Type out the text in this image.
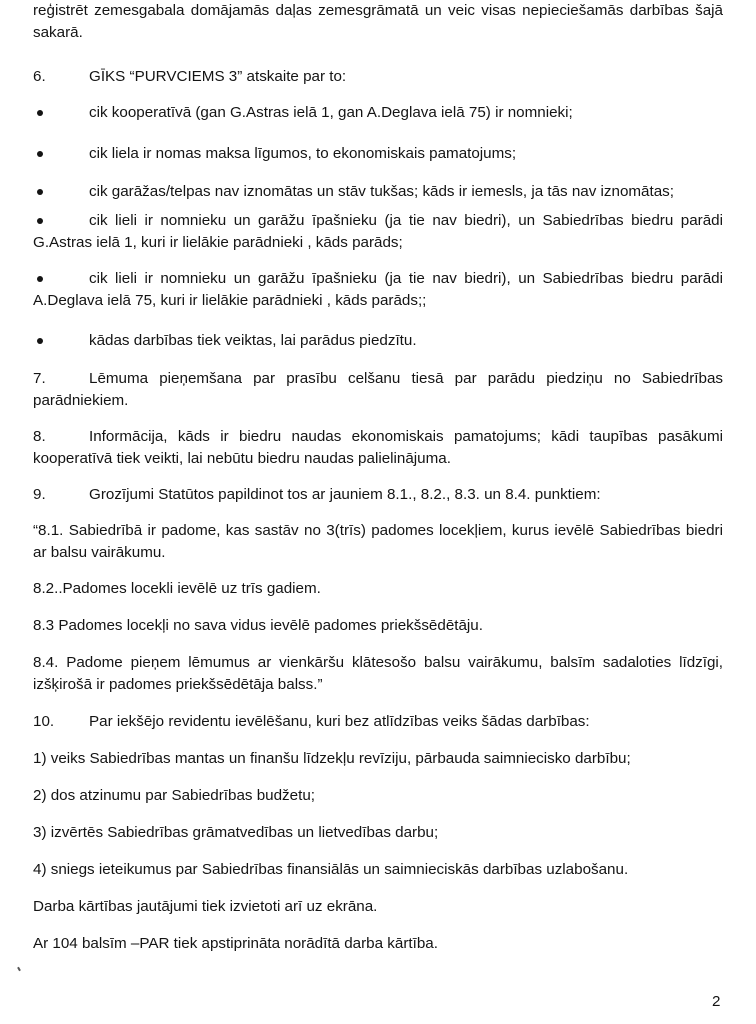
reģistrēt zemesgabala domājamās daļas zemesgrāmatā un veic visas nepieciešamās darbības šajā sakarā.

6.	GĪKS “PURVCIEMS 3” atskaite par to:
cik kooperatīvā (gan G.Astras ielā 1, gan A.Deglava ielā 75) ir nomnieki;
cik liela ir nomas maksa līgumos, to ekonomiskais pamatojums;
cik garāžas/telpas nav iznomātas un stāv tukšas; kāds ir iemesls, ja tās nav iznomātas;
cik lieli ir nomnieku un garāžu īpašnieku (ja tie nav biedri), un Sabiedrības biedru parādi G.Astras ielā 1, kuri ir lielākie parādnieki , kāds parāds;
cik lieli ir nomnieku un garāžu īpašnieku (ja tie nav biedri), un Sabiedrības biedru parādi A.Deglava ielā 75, kuri ir lielākie parādnieki , kāds parāds;;
kādas darbības tiek veiktas, lai parādus piedzītu.
7.	Lēmuma pieņemšana par prasību celšanu tiesā par parādu piedziņu no Sabiedrības parādniekiem.
8.	Informācija, kāds ir biedru naudas ekonomiskais pamatojums; kādi taupības pasākumi kooperatīvā tiek veikti, lai nebūtu biedru naudas palielinājuma.
9.	Grozījumi Statūtos papildinot tos ar jauniem 8.1., 8.2., 8.3. un 8.4. punktiem:

“8.1. Sabiedrībā ir padome, kas sastāv no 3(trīs) padomes locekļiem, kurus ievēlē Sabiedrības biedri ar balsu vairākumu.

8.2..Padomes locekli ievēlē uz trīs gadiem.

8.3 Padomes locekļi no sava vidus ievēlē padomes priekšsēdētāju.

8.4. Padome pieņem lēmumus ar vienkāršu klātesošo balsu vairākumu, balsīm sadaloties līdzīgi, izšķirošā ir padomes priekšsēdētāja balss.”

10. Par iekšējo revidentu ievēlēšanu, kuri bez atlīdzības veiks šādas darbības:

1) veiks Sabiedrības mantas un finanšu līdzekļu revīziju, pārbauda saimniecisko darbību;

2) dos atzinumu par Sabiedrības budžetu;

3) izvērtēs Sabiedrības grāmatvedības un lietvedības darbu;

4) sniegs ieteikumus par Sabiedrības finansiālās un saimnieciskās darbības uzlabošanu.

Darba kārtības jautājumi tiek izvietoti arī uz ekrāna.

Ar 104 balsīm –PAR tiek apstiprināta norādītā darba kārtība.

2
